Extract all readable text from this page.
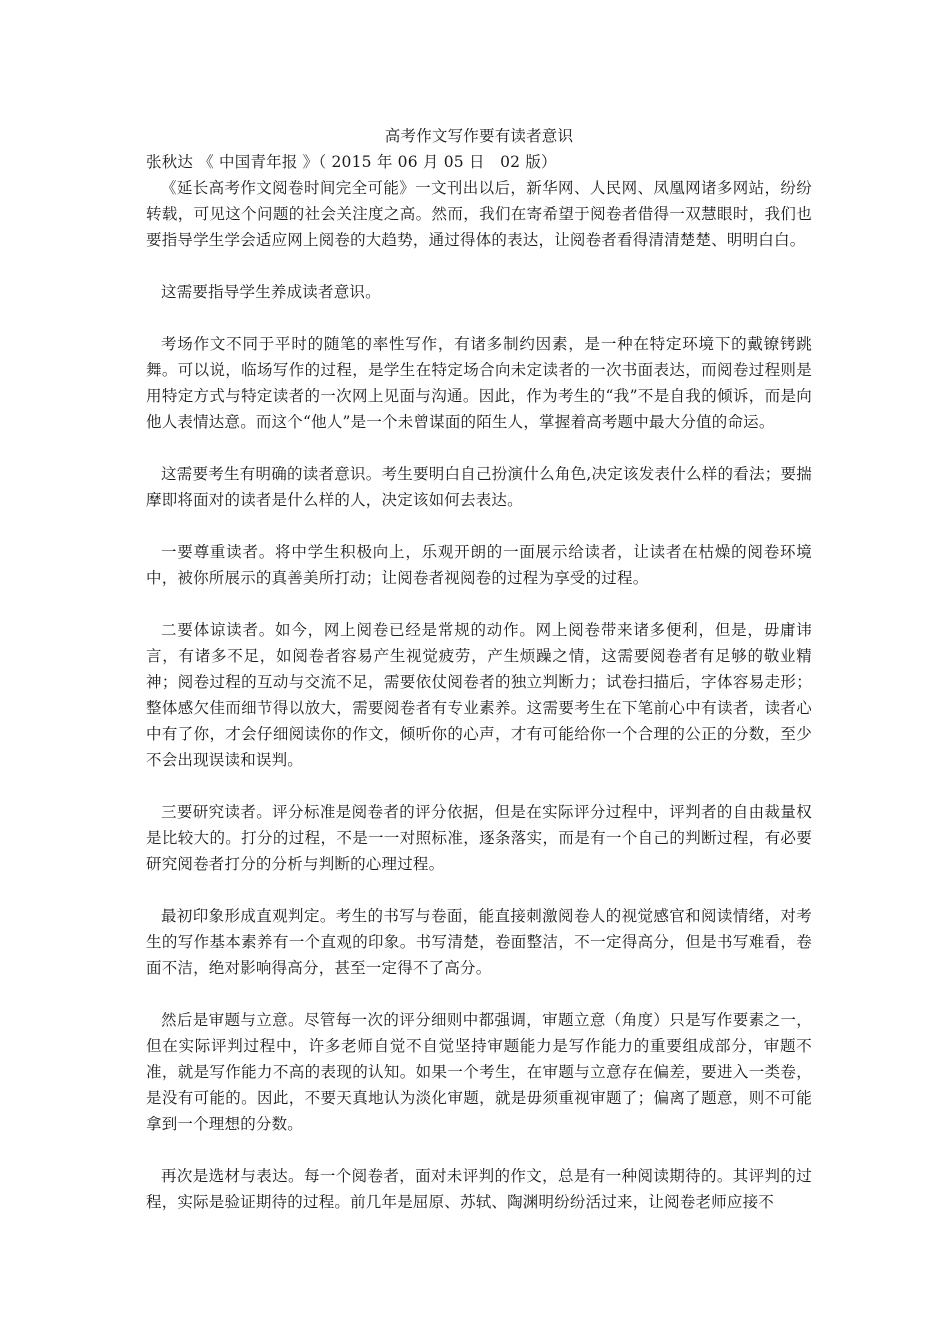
高考作文写作要有读者意识

张秋达 《 中国青年报 》（ 2015 年 06 月 05 日   02 版）

《延长高考作文阅卷时间完全可能》一文刊出以后，新华网、人民网、凤凰网诸多网站，纷纷转载，可见这个问题的社会关注度之高。然而，我们在寄希望于阅卷者借得一双慧眼时，我们也要指导学生学会适应网上阅卷的大趋势，通过得体的表达，让阅卷者看得清清楚楚、明明白白。

这需要指导学生养成读者意识。

考场作文不同于平时的随笔的率性写作，有诸多制约因素，是一种在特定环境下的戴镣铐跳舞。可以说，临场写作的过程，是学生在特定场合向未定读者的一次书面表达，而阅卷过程则是用特定方式与特定读者的一次网上见面与沟通。因此，作为考生的“我”不是自我的倾诉，而是向他人表情达意。而这个“他人”是一个未曾谋面的陌生人，掌握着高考题中最大分值的命运。

这需要考生有明确的读者意识。考生要明白自己扮演什么角色,决定该发表什么样的看法；要揣摩即将面对的读者是什么样的人，决定该如何去表达。

一要尊重读者。将中学生积极向上，乐观开朗的一面展示给读者，让读者在枯燥的阅卷环境中，被你所展示的真善美所打动；让阅卷者视阅卷的过程为享受的过程。

二要体谅读者。如今，网上阅卷已经是常规的动作。网上阅卷带来诸多便利，但是，毋庸讳言，有诸多不足，如阅卷者容易产生视觉疲劳，产生烦躁之情，这需要阅卷者有足够的敬业精神；阅卷过程的互动与交流不足，需要依仗阅卷者的独立判断力；试卷扫描后，字体容易走形；整体感欠佳而细节得以放大，需要阅卷者有专业素养。这需要考生在下笔前心中有读者，读者心中有了你，才会仔细阅读你的作文，倾听你的心声，才有可能给你一个合理的公正的分数，至少不会出现误读和误判。

三要研究读者。评分标准是阅卷者的评分依据，但是在实际评分过程中，评判者的自由裁量权是比较大的。打分的过程，不是一一对照标准，逐条落实，而是有一个自己的判断过程，有必要研究阅卷者打分的分析与判断的心理过程。

最初印象形成直观判定。考生的书写与卷面，能直接刺激阅卷人的视觉感官和阅读情绪，对考生的写作基本素养有一个直观的印象。书写清楚，卷面整洁，不一定得高分，但是书写难看，卷面不洁，绝对影响得高分，甚至一定得不了高分。

然后是审题与立意。尽管每一次的评分细则中都强调，审题立意（角度）只是写作要素之一，但在实际评判过程中，许多老师自觉不自觉坚持审题能力是写作能力的重要组成部分，审题不准，就是写作能力不高的表现的认知。如果一个考生，在审题与立意存在偏差，要进入一类卷，是没有可能的。因此，不要天真地认为淡化审题，就是毋须重视审题了；偏离了题意，则不可能拿到一个理想的分数。

再次是选材与表达。每一个阅卷者，面对未评判的作文，总是有一种阅读期待的。其评判的过程，实际是验证期待的过程。前几年是屈原、苏轼、陶渊明纷纷活过来，让阅卷老师应接不
